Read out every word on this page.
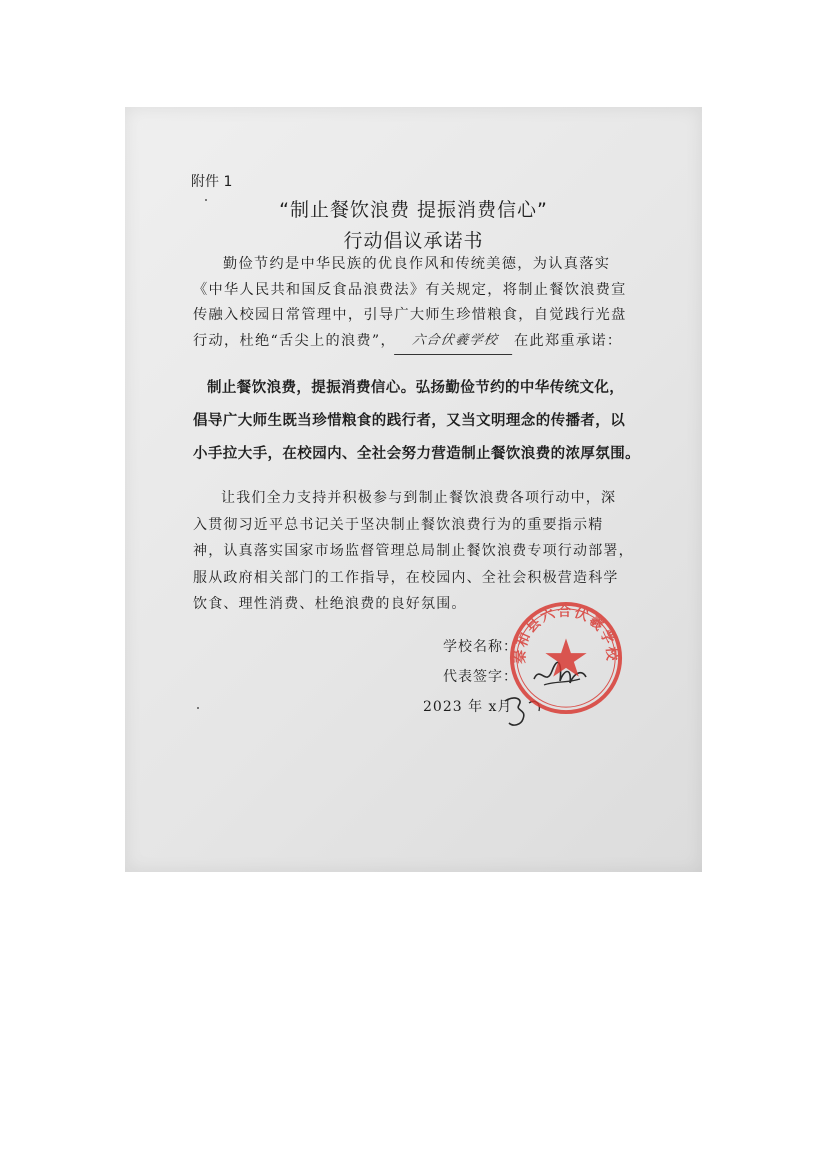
附件 1
“制止餐饮浪费 提振消费信心”
行动倡议承诺书
勤俭节约是中华民族的优良作风和传统美德，为认真落实
《中华人民共和国反食品浪费法》有关规定，将制止餐饮浪费宣
传融入校园日常管理中，引导广大师生珍惜粮食，自觉践行光盘
行动，杜绝“舌尖上的浪费”， 六合伏羲学校 在此郑重承诺：
制止餐饮浪费，提振消费信心。弘扬勤俭节约的中华传统文化，
倡导广大师生既当珍惜粮食的践行者，又当文明理念的传播者，以
小手拉大手，在校园内、全社会努力营造制止餐饮浪费的浓厚氛围。
让我们全力支持并积极参与到制止餐饮浪费各项行动中，深
入贯彻习近平总书记关于坚决制止餐饮浪费行为的重要指示精
神，认真落实国家市场监督管理总局制止餐饮浪费专项行动部署，
服从政府相关部门的工作指导，在校园内、全社会积极营造科学
饮食、理性消费、杜绝浪费的良好氛围。
学校名称：
代表签字：
2023 年 ⅹ月
秦和县六合伏羲学校
